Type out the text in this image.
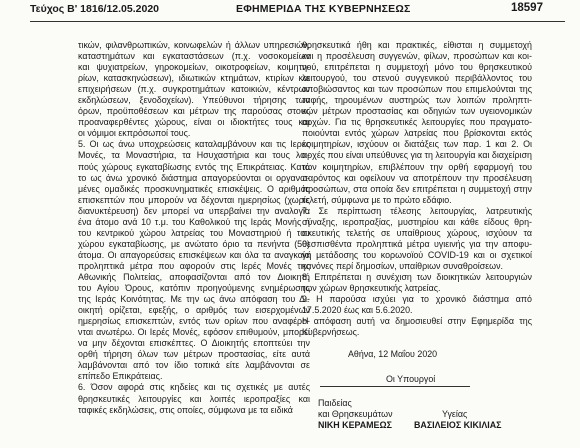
Τεύχος Β' 1816/12.05.2020	ΕΦΗΜΕΡΙΔΑ ΤΗΣ ΚΥΒΕΡΝΗΣΕΩΣ	18597
τικών, φιλανθρωπικών, κοινωφελών ή άλλων υπηρεσιών,
καταστημάτων και εγκαταστάσεων (π.χ. νοσοκομείων
και ψυχιατρείων, γηροκομείων, οικοτροφείων, κοιμητη-
ρίων, κατασκηνώσεων), ιδιωτικών κτημάτων, κτιρίων και
επιχειρήσεων (π.χ. συγκροτημάτων κατοικιών, κέντρων
εκδηλώσεων, ξενοδοχείων). Υπεύθυνοι τήρησης των
όρων, προϋποθέσεων και μέτρων της παρούσας στους
προαναφερθέντες χώρους, είναι οι ιδιοκτήτες τους και
οι νόμιμοι εκπρόσωποί τους.
5. Οι ως άνω υποχρεώσεις καταλαμβάνουν και τις Ιερές
Μονές, τα Μοναστήρια, τα Ησυχαστήρια και τους λοι-
πούς χώρους εγκαταβίωσης εντός της Επικράτειας. Κατά
το ως άνω χρονικό διάστημα απαγορεύονται οι οργανω-
μένες ομαδικές προσκυνηματικές επισκέψεις. Ο αριθμός
επισκεπτών που μπορούν να δέχονται ημερησίως (χωρίς
διανυκτέρευση) δεν μπορεί να υπερβαίνει την αναλογία
ένα άτομο ανά 10 τ.μ. του Καθολικού της Ιεράς Μονής ή
του κεντρικού χώρου λατρείας του Μοναστηριού ή του
χώρου εγκαταβίωσης, με ανώτατο όριο τα πενήντα (50)
άτομα. Οι απαγορεύσεις επισκέψεων και όλα τα αναγκαία
προληπτικά μέτρα που αφορούν στις Ιερές Μονές της
Αθωνικής Πολιτείας, αποφασίζονται από τον Διοικητή
του Αγίου Όρους, κατόπιν προηγούμενης ενημέρωσης
της Ιεράς Κοινότητας. Με την ως άνω απόφαση του Δι-
οικητή ορίζεται, εφεξής, ο αριθμός των εισερχομένων
ημερησίως επισκεπτών, εντός των ορίων που αναφέρο-
νται ανωτέρω. Οι Ιερές Μονές, εφόσον επιθυμούν, μπορεί
να μην δέχονται επισκέπτες. Ο Διοικητής εποπτεύει την
ορθή τήρηση όλων των μέτρων προστασίας, είτε αυτά
λαμβάνονται από τον ίδιο τοπικά είτε λαμβάνονται σε
επίπεδο Επικράτειας.
6. Όσον αφορά στις κηδείες και τις σχετικές με αυτές
θρησκευτικές λειτουργίες και λοιπές ιεροπραξίες και
ταφικές εκδηλώσεις, στις οποίες, σύμφωνα με τα ειδικά
θρησκευτικά ήθη και πρακτικές, είθισται η συμμετοχή
και η προσέλευση συγγενών, φίλων, προσώπων και κοι-
νού, επιτρέπεται η συμμετοχή μόνο του θρησκευτικού
λειτουργού, του στενού συγγενικού περιβάλλοντος του
αποβιώσαντος και των προσώπων που επιμελούνται της
ταφής, τηρουμένων αυστηρώς των λοιπών προληπτι-
κών μέτρων προστασίας και οδηγιών των υγειονομικών
αρχών. Για τις θρησκευτικές λειτουργίες που πραγματο-
ποιούνται εντός χώρων λατρείας που βρίσκονται εκτός
κοιμητηρίων, ισχύουν οι διατάξεις των παρ. 1 και 2. Οι
αρχές που είναι υπεύθυνες για τη λειτουργία και διαχείριση
των κοιμητηρίων, επιβλέπουν την ορθή εφαρμογή του
παρόντος και οφείλουν να αποτρέπουν την προσέλευση
προσώπων, στα οποία δεν επιτρέπεται η συμμετοχή στην
τελετή, σύμφωνα με το πρώτο εδάφιο.
7. Σε περίπτωση τέλεσης λειτουργίας, λατρευτικής
σύναξης, ιεροπραξίας, μυστηρίου και κάθε είδους θρη-
σκευτικής τελετής σε υπαίθριους χώρους, ισχύουν τα
θεσπισθέντα προληπτικά μέτρα υγιεινής για την αποφυ-
γή μετάδοσης του κορωνοϊού COVID-19 και οι σχετικοί
κανόνες περί δημοσίων, υπαίθριων συναθροίσεων.
8. Επιτρέπεται η συνέχιση των διοικητικών λειτουργιών
των χώρων θρησκευτικής λατρείας.
9. Η παρούσα ισχύει για το χρονικό διάστημα από
17.5.2020 έως και 5.6.2020.
Η απόφαση αυτή να δημοσιευθεί στην Εφημερίδα της
Κυβερνήσεως.
Αθήνα, 12 Μαΐου 2020
Οι Υπουργοί
Παιδείας
και Θρησκευμάτων
ΝΙΚΗ ΚΕΡΑΜΕΩΣ
Υγείας
ΒΑΣΙΛΕΙΟΣ ΚΙΚΙΛΙΑΣ
